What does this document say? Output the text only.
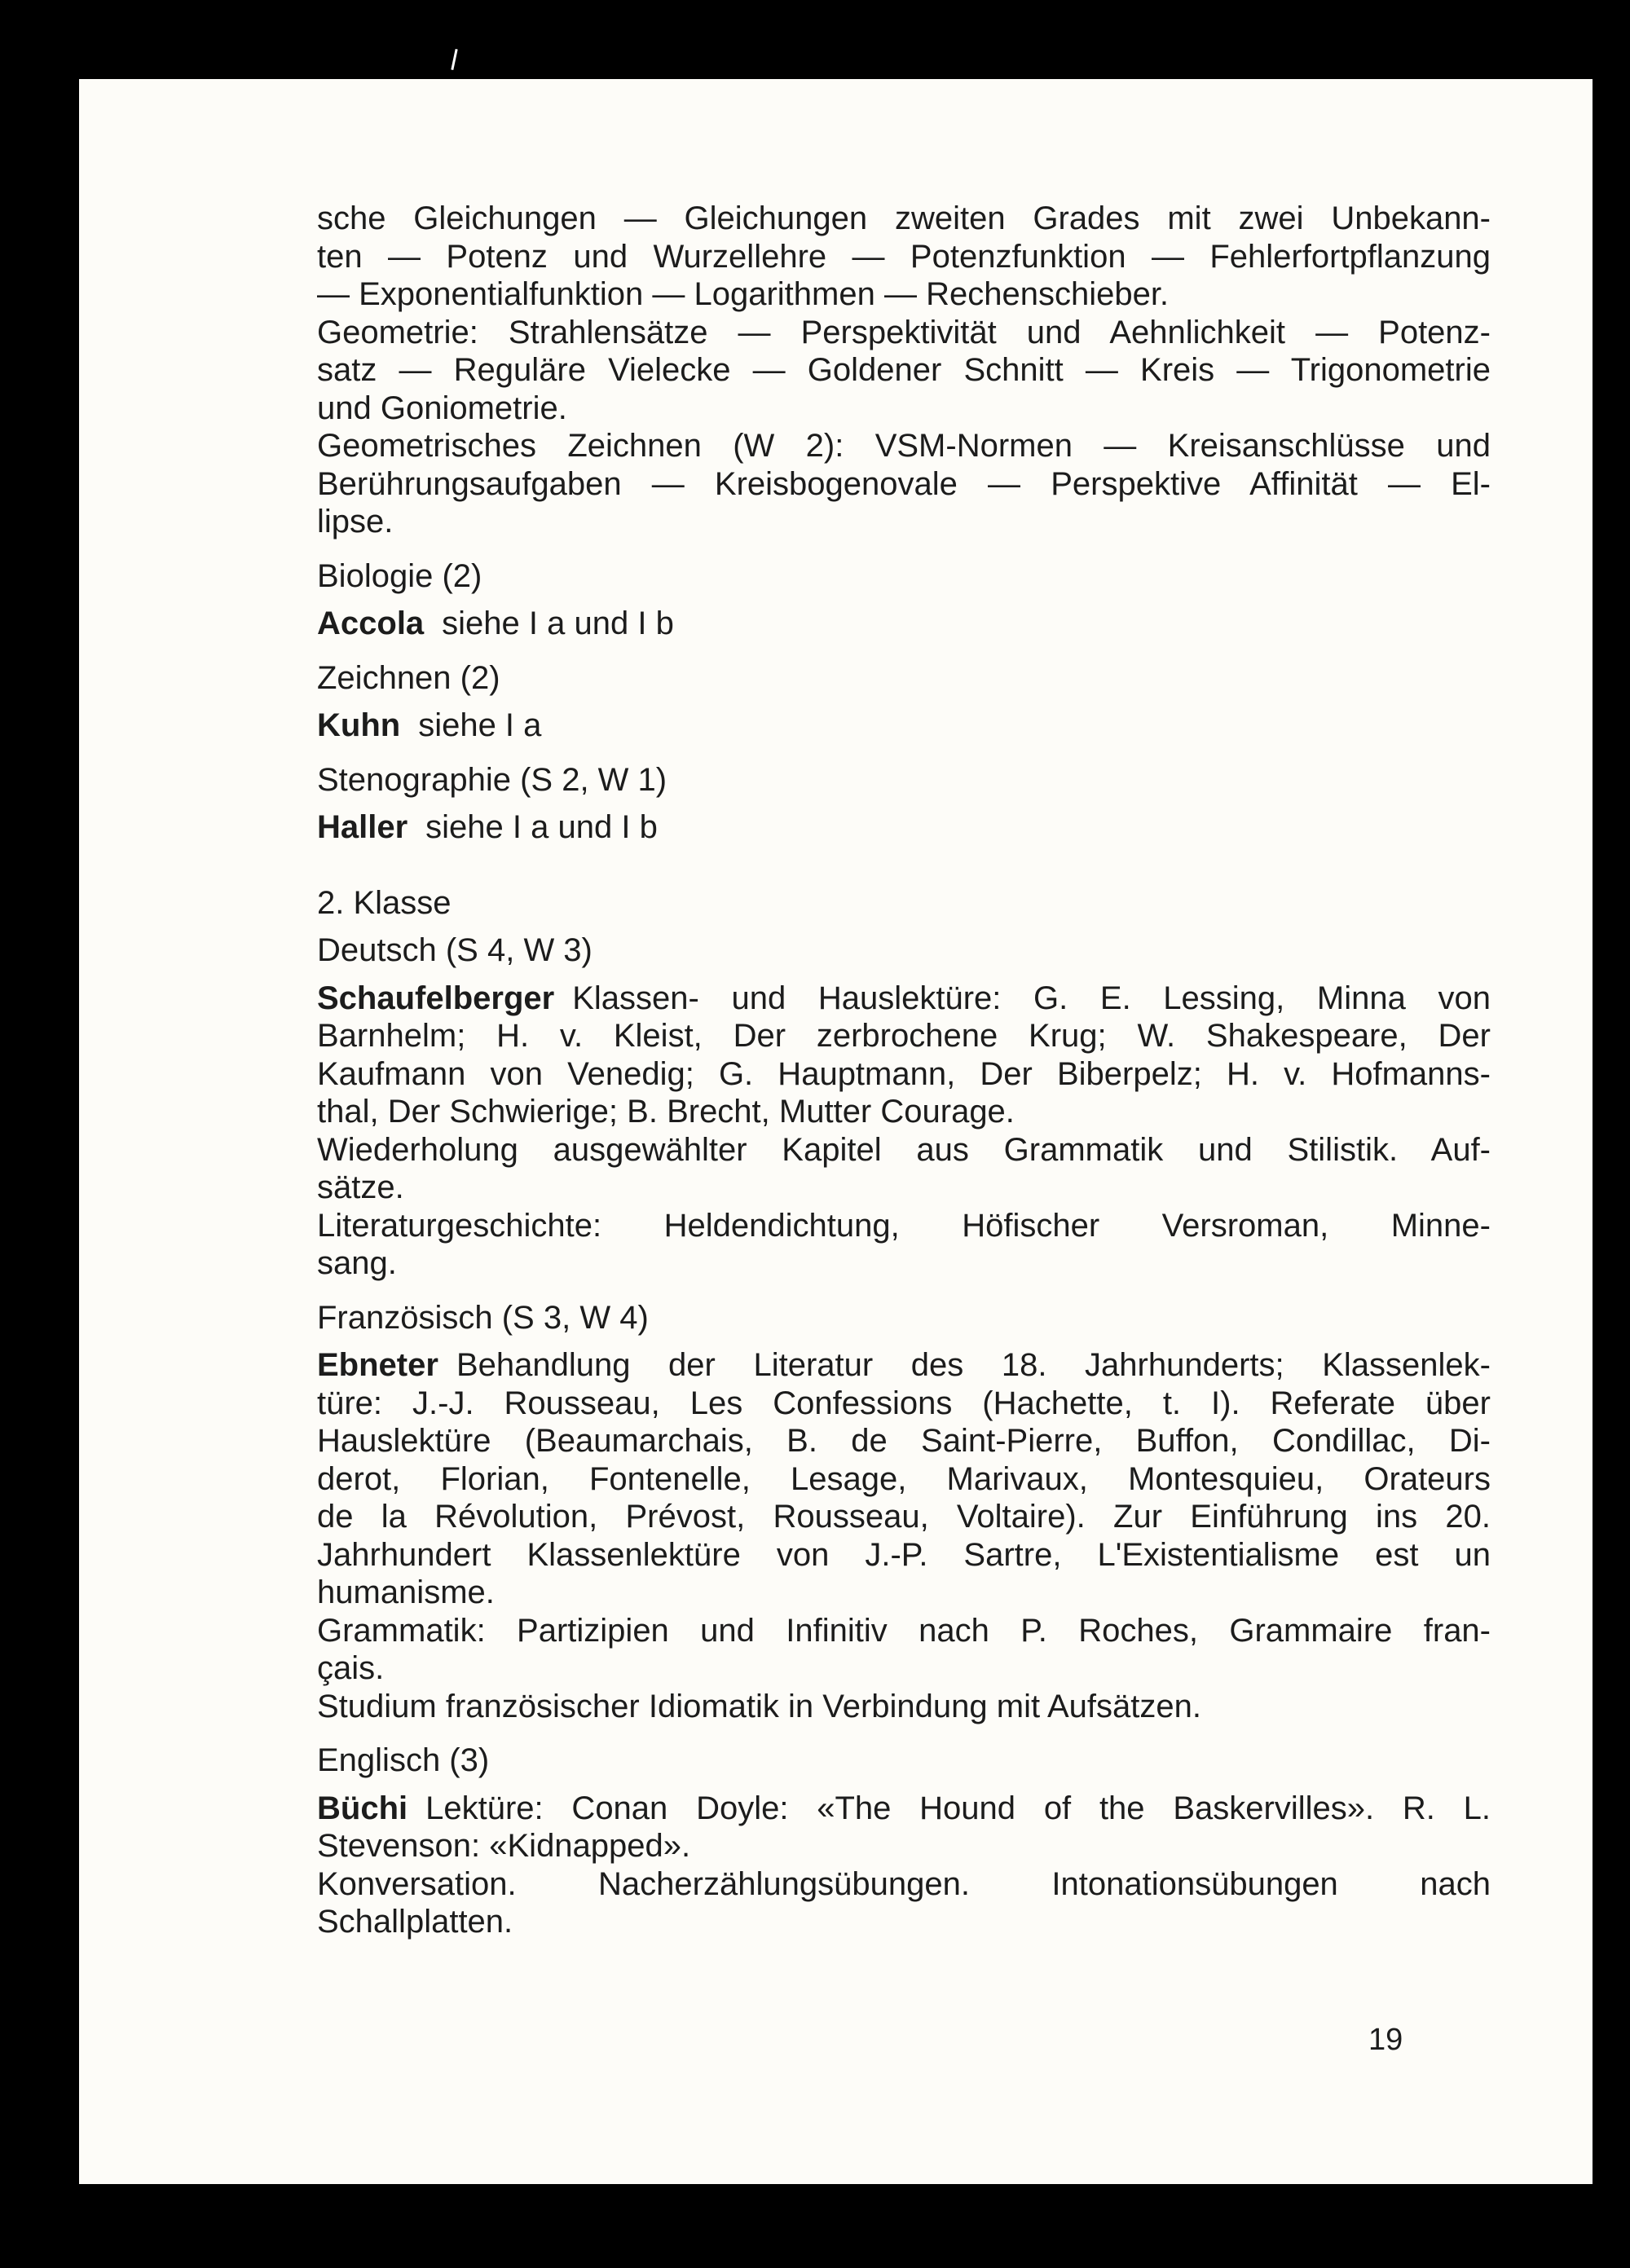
sche Gleichungen — Gleichungen zweiten Grades mit zwei Unbekann-
ten — Potenz und Wurzellehre — Potenzfunktion — Fehlerfortpflanzung
— Exponentialfunktion — Logarithmen — Rechenschieber.
Geometrie: Strahlensätze — Perspektivität und Aehnlichkeit — Potenz-
satz — Reguläre Vielecke — Goldener Schnitt — Kreis — Trigonometrie
und Goniometrie.
Geometrisches Zeichnen (W 2): VSM-Normen — Kreisanschlüsse und
Berührungsaufgaben — Kreisbogenovale — Perspektive Affinität — El-
lipse.
Biologie (2)
Accola siehe I a und I b
Zeichnen (2)
Kuhn siehe I a
Stenographie (S 2, W 1)
Haller siehe I a und I b
2. Klasse
Deutsch (S 4, W 3)
Schaufelberger Klassen- und Hauslektüre: G. E. Lessing, Minna von
Barnhelm; H. v. Kleist, Der zerbrochene Krug; W. Shakespeare, Der
Kaufmann von Venedig; G. Hauptmann, Der Biberpelz; H. v. Hofmanns-
thal, Der Schwierige; B. Brecht, Mutter Courage.
Wiederholung ausgewählter Kapitel aus Grammatik und Stilistik. Auf-
sätze.
Literaturgeschichte: Heldendichtung, Höfischer Versroman, Minne-
sang.
Französisch (S 3, W 4)
Ebneter Behandlung der Literatur des 18. Jahrhunderts; Klassenlek-
türe: J.-J. Rousseau, Les Confessions (Hachette, t. I). Referate über
Hauslektüre (Beaumarchais, B. de Saint-Pierre, Buffon, Condillac, Di-
derot, Florian, Fontenelle, Lesage, Marivaux, Montesquieu, Orateurs
de la Révolution, Prévost, Rousseau, Voltaire). Zur Einführung ins 20.
Jahrhundert Klassenlektüre von J.-P. Sartre, L'Existentialisme est un
humanisme.
Grammatik: Partizipien und Infinitiv nach P. Roches, Grammaire fran-
çais.
Studium französischer Idiomatik in Verbindung mit Aufsätzen.
Englisch (3)
Büchi Lektüre: Conan Doyle: «The Hound of the Baskervilles». R. L.
Stevenson: «Kidnapped».
Konversation. Nacherzählungsübungen. Intonationsübungen nach
Schallplatten.
19
